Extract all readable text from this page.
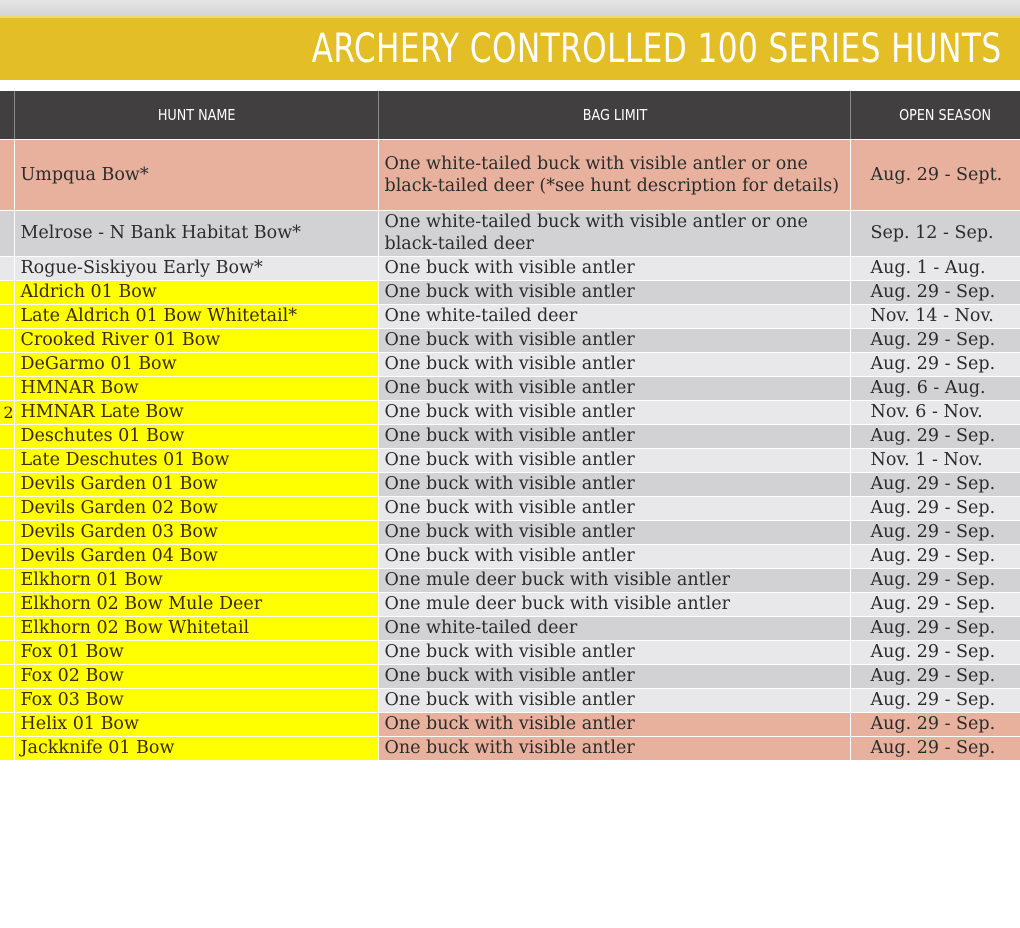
ARCHERY CONTROLLED 100 SERIES HUNTS
HUNT NAME	BAG LIMIT	OPEN SEASON
	Umpqua Bow*	One white-tailed buck with visible antler or one black-tailed deer (*see hunt description for details)	Aug. 29 - Sept.
	Melrose - N Bank Habitat Bow*	One white-tailed buck with visible antler or one black-tailed deer	Sep. 12 - Sep.
	Rogue-Siskiyou Early Bow*	One buck with visible antler	Aug. 1 - Aug.
	Aldrich 01 Bow	One buck with visible antler	Aug. 29 - Sep.
	Late Aldrich 01 Bow Whitetail*	One white-tailed deer	Nov. 14 - Nov.
	Crooked River 01 Bow	One buck with visible antler	Aug. 29 - Sep.
	DeGarmo 01 Bow	One buck with visible antler	Aug. 29 - Sep.
	HMNAR Bow	One buck with visible antler	Aug. 6 - Aug.
2	HMNAR Late Bow	One buck with visible antler	Nov. 6 - Nov.
	Deschutes 01 Bow	One buck with visible antler	Aug. 29 - Sep.
	Late Deschutes 01 Bow	One buck with visible antler	Nov. 1 - Nov.
	Devils Garden 01 Bow	One buck with visible antler	Aug. 29 - Sep.
	Devils Garden 02 Bow	One buck with visible antler	Aug. 29 - Sep.
	Devils Garden 03 Bow	One buck with visible antler	Aug. 29 - Sep.
	Devils Garden 04 Bow	One buck with visible antler	Aug. 29 - Sep.
	Elkhorn 01 Bow	One mule deer buck with visible antler	Aug. 29 - Sep.
	Elkhorn 02 Bow Mule Deer	One mule deer buck with visible antler	Aug. 29 - Sep.
	Elkhorn 02 Bow Whitetail	One white-tailed deer	Aug. 29 - Sep.
	Fox 01 Bow	One buck with visible antler	Aug. 29 - Sep.
	Fox 02 Bow	One buck with visible antler	Aug. 29 - Sep.
	Fox 03 Bow	One buck with visible antler	Aug. 29 - Sep.
	Helix 01 Bow	One buck with visible antler	Aug. 29 - Sep.
	Jackknife 01 Bow	One buck with visible antler	Aug. 29 - Sep.
